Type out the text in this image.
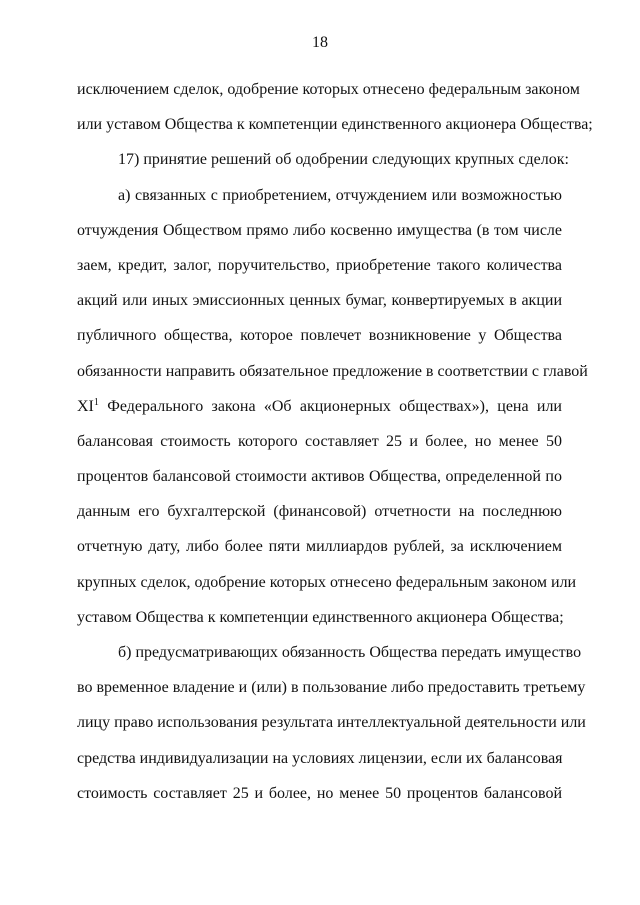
18

исключением сделок, одобрение которых отнесено федеральным законом
или уставом Общества к компетенции единственного акционера Общества;

17) принятие решений об одобрении следующих крупных сделок:

а) связанных с приобретением, отчуждением или возможностью
отчуждения Обществом прямо либо косвенно имущества (в том числе
заем, кредит, залог, поручительство, приобретение такого количества
акций или иных эмиссионных ценных бумаг, конвертируемых в акции
публичного общества, которое повлечет возникновение у Общества
обязанности направить обязательное предложение в соответствии с главой
$XI^1$ Федерального закона «Об акционерных обществах»), цена или
балансовая стоимость которого составляет 25 и более, но менее 50
процентов балансовой стоимости активов Общества, определенной по
данным его бухгалтерской (финансовой) отчетности на последнюю
отчетную дату, либо более пяти миллиардов рублей, за исключением
крупных сделок, одобрение которых отнесено федеральным законом или
уставом Общества к компетенции единственного акционера Общества;

б) предусматривающих обязанность Общества передать имущество
во временное владение и (или) в пользование либо предоставить третьему
лицу право использования результата интеллектуальной деятельности или
средства индивидуализации на условиях лицензии, если их балансовая
стоимость составляет 25 и более, но менее 50 процентов балансовой
